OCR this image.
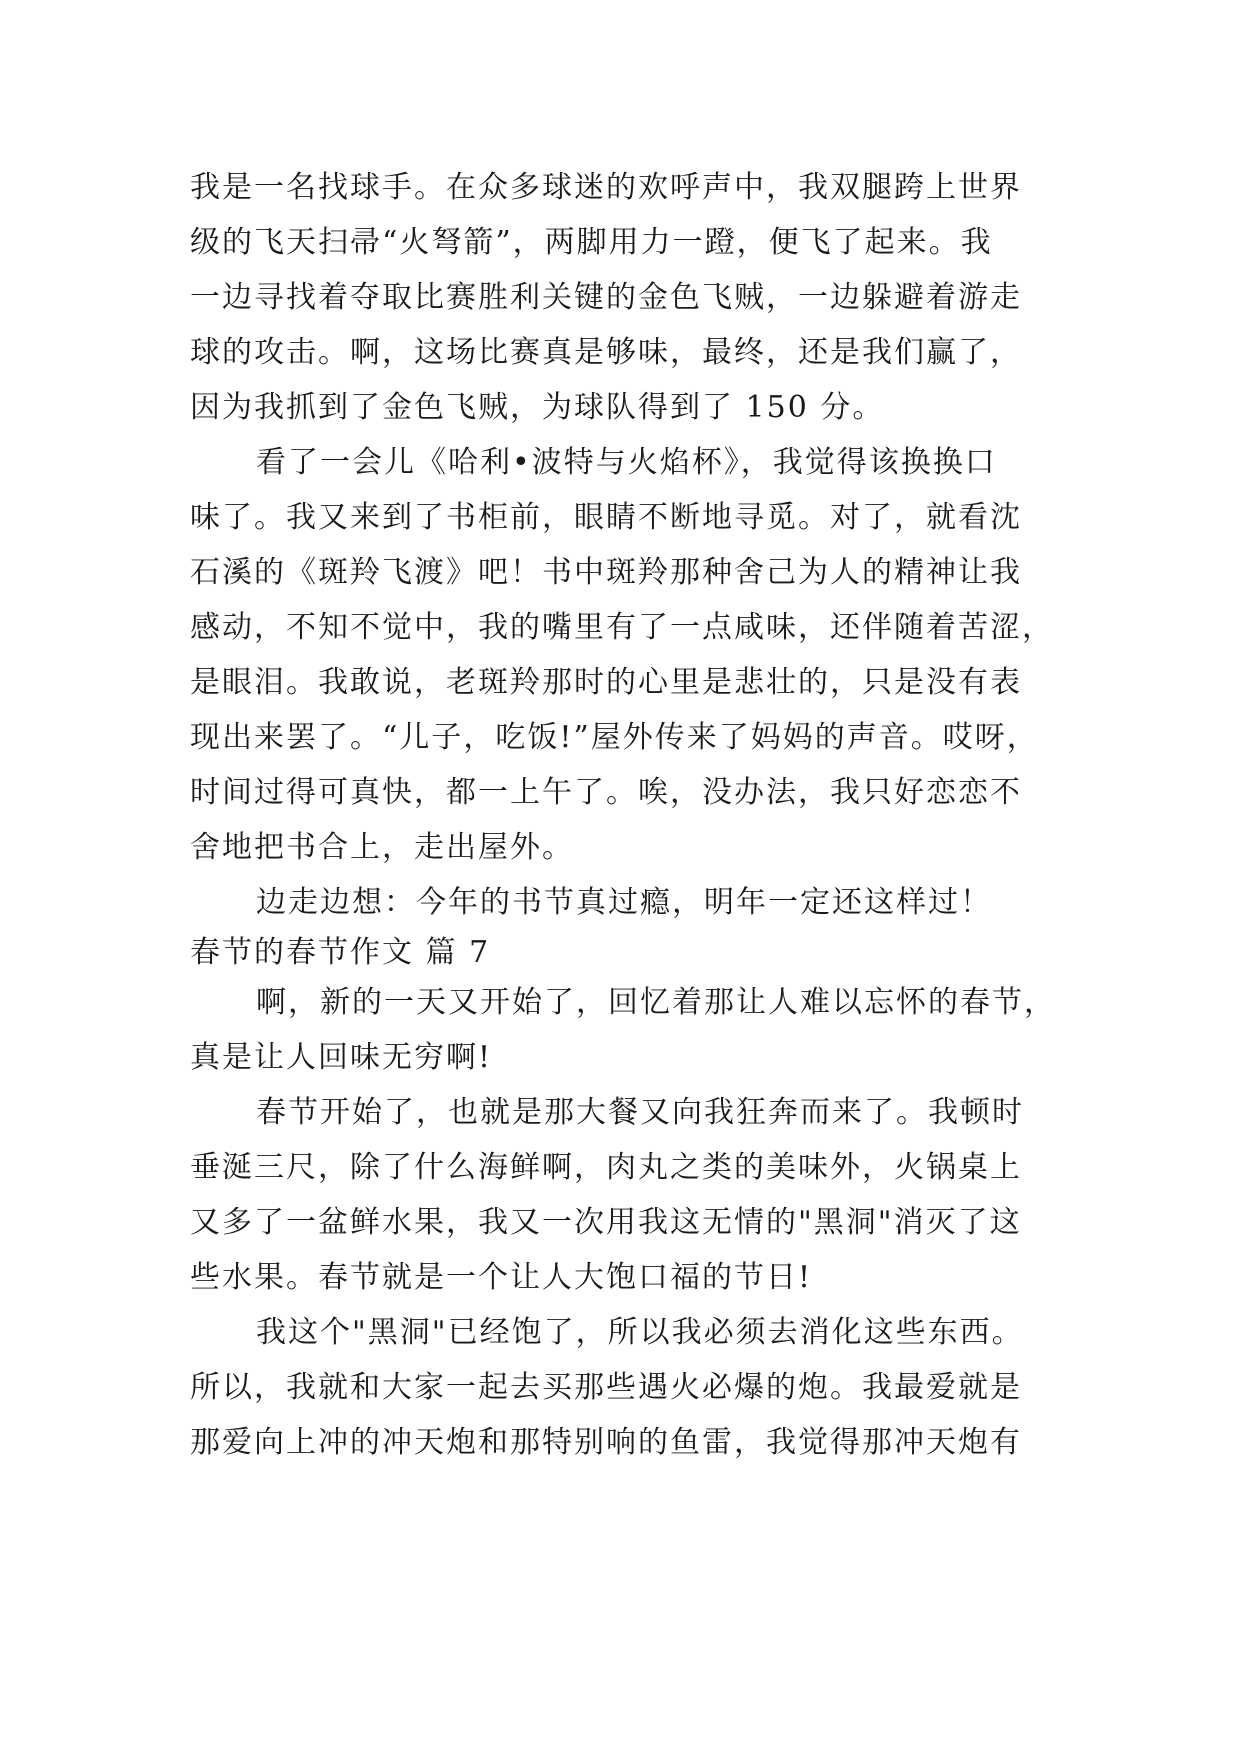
我是一名找球手。在众多球迷的欢呼声中，我双腿跨上世界
级的飞天扫帚“火弩箭”，两脚用力一蹬，便飞了起来。我
一边寻找着夺取比赛胜利关键的金色飞贼，一边躲避着游走
球的攻击。啊，这场比赛真是够味，最终，还是我们赢了，
因为我抓到了金色飞贼，为球队得到了 150 分。
看了一会儿《哈利•波特与火焰杯》，我觉得该换换口
味了。我又来到了书柜前，眼睛不断地寻觅。对了，就看沈
石溪的《斑羚飞渡》吧！书中斑羚那种舍己为人的精神让我
感动，不知不觉中，我的嘴里有了一点咸味，还伴随着苦涩，
是眼泪。我敢说，老斑羚那时的心里是悲壮的，只是没有表
现出来罢了。“儿子，吃饭!”屋外传来了妈妈的声音。哎呀，
时间过得可真快，都一上午了。唉，没办法，我只好恋恋不
舍地把书合上，走出屋外。
边走边想：今年的书节真过瘾，明年一定还这样过！
春节的春节作文 篇 7
啊，新的一天又开始了，回忆着那让人难以忘怀的春节，
真是让人回味无穷啊!
春节开始了，也就是那大餐又向我狂奔而来了。我顿时
垂涎三尺，除了什么海鲜啊，肉丸之类的美味外，火锅桌上
又多了一盆鲜水果，我又一次用我这无情的"黑洞"消灭了这
些水果。春节就是一个让人大饱口福的节日!
我这个"黑洞"已经饱了，所以我必须去消化这些东西。
所以，我就和大家一起去买那些遇火必爆的炮。我最爱就是
那爱向上冲的冲天炮和那特别响的鱼雷，我觉得那冲天炮有
